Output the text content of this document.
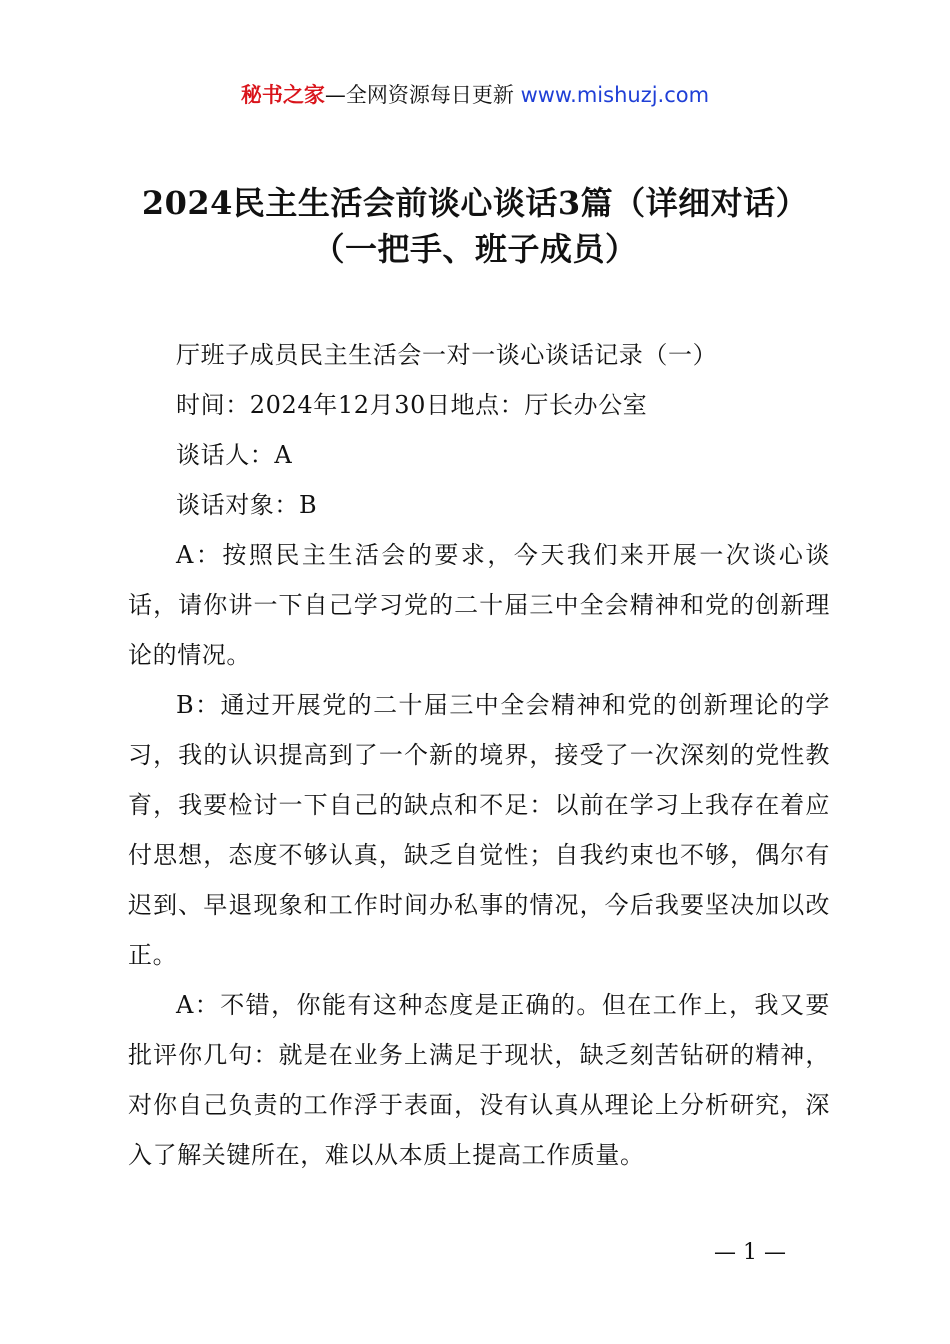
秘书之家—全网资源每日更新 www.mishuzj.com
2024民主生活会前谈心谈话3篇（详细对话）
（一把手、班子成员）

厅班子成员民主生活会一对一谈心谈话记录（一）

时间：2024年12月30日地点：厅长办公室

谈话人：A

谈话对象：B

A：按照民主生活会的要求，今天我们来开展一次谈心谈话，请你讲一下自己学习党的二十届三中全会精神和党的创新理论的情况。

B：通过开展党的二十届三中全会精神和党的创新理论的学习，我的认识提高到了一个新的境界，接受了一次深刻的党性教育，我要检讨一下自己的缺点和不足：以前在学习上我存在着应付思想，态度不够认真，缺乏自觉性；自我约束也不够，偶尔有迟到、早退现象和工作时间办私事的情况，今后我要坚决加以改正。

A：不错，你能有这种态度是正确的。但在工作上，我又要批评你几句：就是在业务上满足于现状，缺乏刻苦钻研的精神，对你自己负责的工作浮于表面，没有认真从理论上分析研究，深入了解关键所在，难以从本质上提高工作质量。

— 1 —
